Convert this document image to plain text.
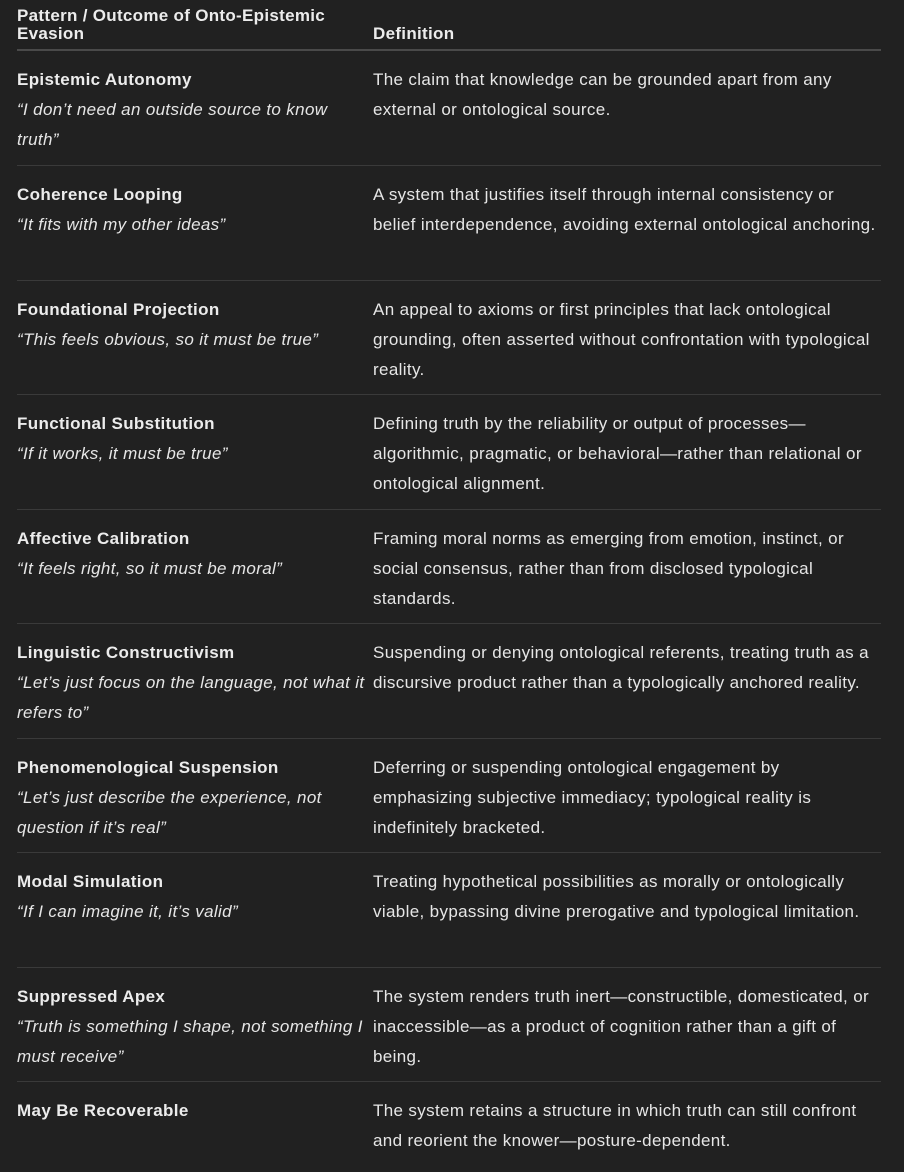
Pattern / Outcome of Onto-Epistemic Evasion	Definition
Epistemic Autonomy
“I don’t need an outside source to know truth”
The claim that knowledge can be grounded apart from any external or ontological source.
Coherence Looping
“It fits with my other ideas”
A system that justifies itself through internal consistency or belief interdependence, avoiding external ontological anchoring.
Foundational Projection
“This feels obvious, so it must be true”
An appeal to axioms or first principles that lack ontological grounding, often asserted without confrontation with typological reality.
Functional Substitution
“If it works, it must be true”
Defining truth by the reliability or output of processes—algorithmic, pragmatic, or behavioral—rather than relational or ontological alignment.
Affective Calibration
“It feels right, so it must be moral”
Framing moral norms as emerging from emotion, instinct, or social consensus, rather than from disclosed typological standards.
Linguistic Constructivism
“Let’s just focus on the language, not what it refers to”
Suspending or denying ontological referents, treating truth as a discursive product rather than a typologically anchored reality.
Phenomenological Suspension
“Let’s just describe the experience, not question if it’s real”
Deferring or suspending ontological engagement by emphasizing subjective immediacy; typological reality is indefinitely bracketed.
Modal Simulation
“If I can imagine it, it’s valid”
Treating hypothetical possibilities as morally or ontologically viable, bypassing divine prerogative and typological limitation.
Suppressed Apex
“Truth is something I shape, not something I must receive”
The system renders truth inert—constructible, domesticated, or inaccessible—as a product of cognition rather than a gift of being.
May Be Recoverable	The system retains a structure in which truth can still confront and reorient the knower—posture-dependent.
